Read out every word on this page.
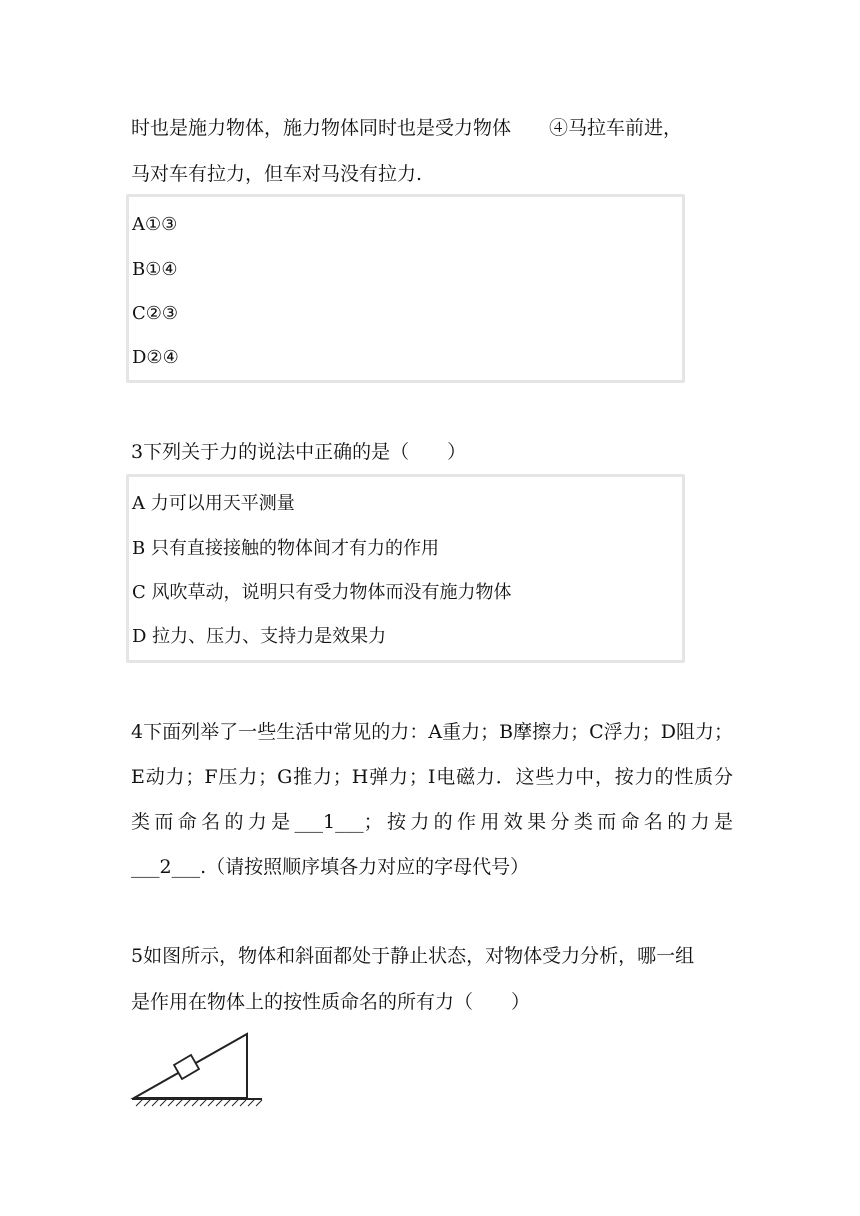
时也是施力物体，施力物体同时也是受力物体　　④马拉车前进，
马对车有拉力，但车对马没有拉力.
A①③
B①④
C②③
D②④
3下列关于力的说法中正确的是（　　）
A 力可以用天平测量
B 只有直接接触的物体间才有力的作用
C 风吹草动，说明只有受力物体而没有施力物体
D 拉力、压力、支持力是效果力
4下面列举了一些生活中常见的力：A重力；B摩擦力；C浮力；D阻力；
E动力；F压力；G推力；H弹力；I电磁力．这些力中，按力的性质分
类而命名的力是___1___；按力的作用效果分类而命名的力是
___2___.（请按照顺序填各力对应的字母代号）
5如图所示，物体和斜面都处于静止状态，对物体受力分析，哪一组
是作用在物体上的按性质命名的所有力（　　）
